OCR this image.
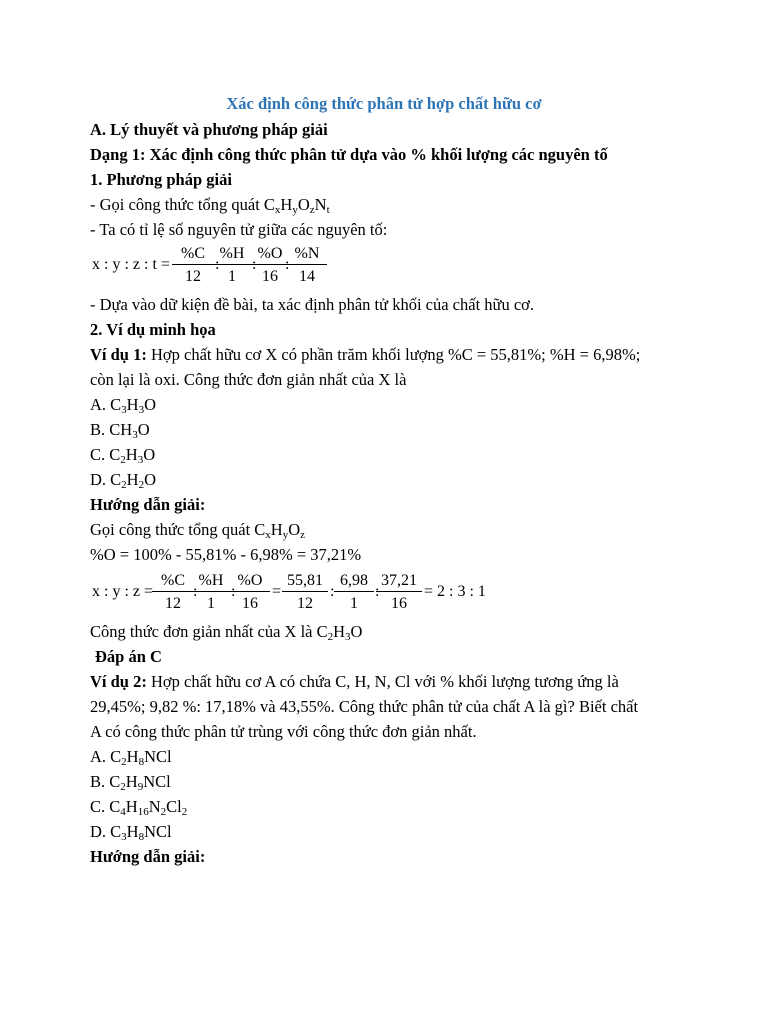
Xác định công thức phân tử hợp chất hữu cơ
A. Lý thuyết và phương pháp giải
Dạng 1: Xác định công thức phân tử dựa vào % khối lượng các nguyên tố
1. Phương pháp giải
- Gọi công thức tổng quát $C_xH_yO_zN_t$
- Ta có tỉ lệ số nguyên tử giữa các nguyên tố:
x : y : z : $t = \frac{\%C}{12}$ :
$\frac{\%H}{1}$ :
$\frac{\%O}{16}$
:
$\frac{\%N}{14}$
- Dựa vào dữ kiện đề bài, ta xác định phân tử khối của chất hữu cơ.
2. Ví dụ minh họa
Ví dụ 1: Hợp chất hữu cơ X có phần trăm khối lượng %C = 55,81%; %H = 6,98%;
còn lại là oxi. Công thức đơn giản nhất của X là
A. $C_3H_3O$
B. $CH_3O$
C. $C_2H_3O$
D. $C_2H_2O$
Hướng dẫn giải:
Gọi công thức tổng quát $C_xH_yO_z$
%O = 100% - 55,81% - 6,98% = 37,21%
x : y : z =
$\frac{\%C}{12}$ :
$\frac{\%H}{1}$ :
$\frac{\%O}{16} = \frac{55,81}{12}$ : $\frac{6,98}{1}$ :
$\frac{37,21}{16} = 2$ : 3 : 1
Công thức đơn giản nhất của X là $C_2H_3O$
Đáp án C
Ví dụ 2: Hợp chất hữu cơ A có chứa C, H, N, Cl với % khối lượng tương ứng là
29,45%; 9,82 %: 17,18% và 43,55%. Công thức phân tử của chất A là gì? Biết chất
A có công thức phân tử trùng với công thức đơn giản nhất.
A. $C_2H_8NCl$
B. $C_2H_9NCl$
C. $C_4H_{16}N_2Cl_2$
D. $C_3H_8NCl$
Hướng dẫn giải:
